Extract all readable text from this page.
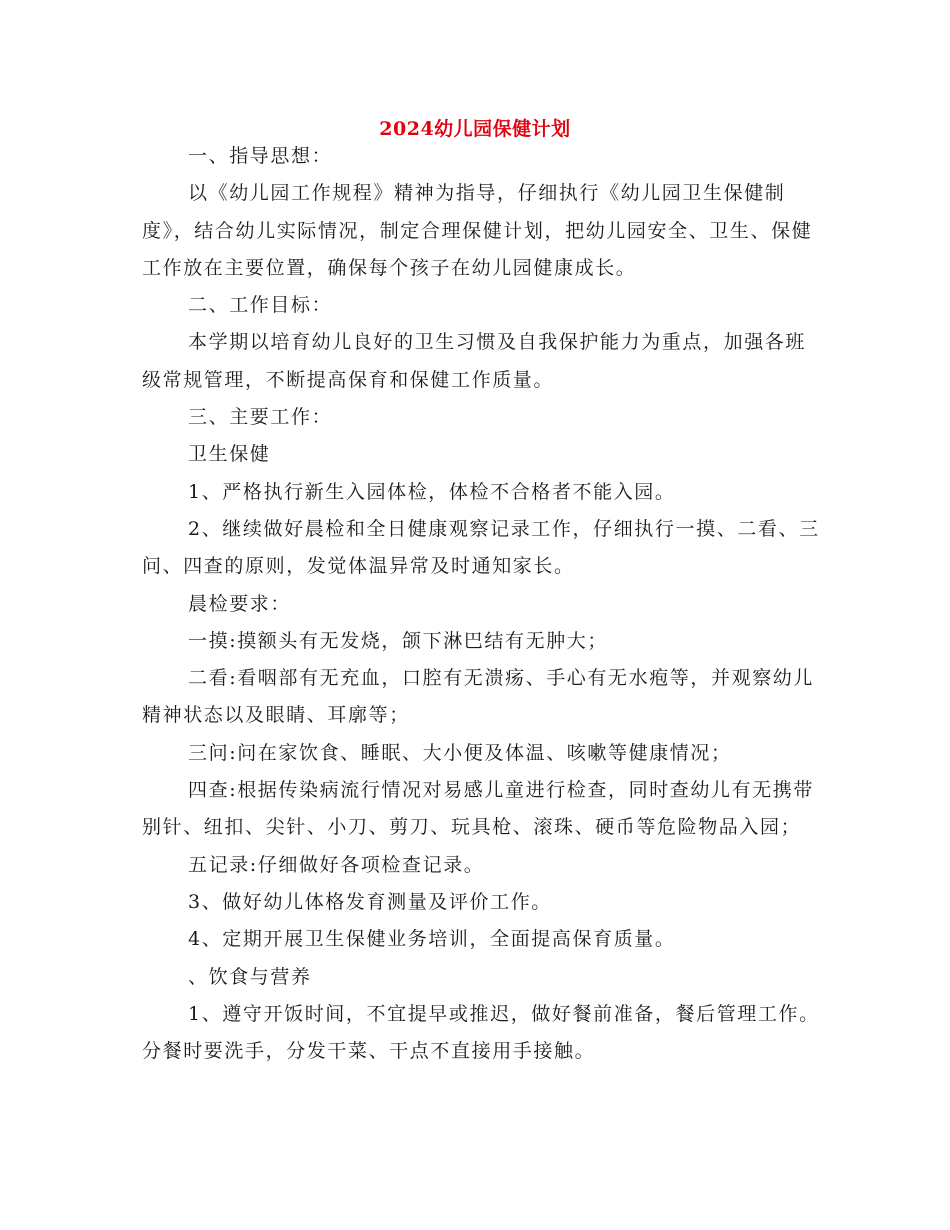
2024幼儿园保健计划

一、指导思想：

以《幼儿园工作规程》精神为指导，仔细执行《幼儿园卫生保健制度》，结合幼儿实际情况，制定合理保健计划，把幼儿园安全、卫生、保健工作放在主要位置，确保每个孩子在幼儿园健康成长。

二、工作目标：

本学期以培育幼儿良好的卫生习惯及自我保护能力为重点，加强各班级常规管理，不断提高保育和保健工作质量。

三、主要工作：

卫生保健

1、严格执行新生入园体检，体检不合格者不能入园。

2、继续做好晨检和全日健康观察记录工作，仔细执行一摸、二看、三问、四查的原则，发觉体温异常及时通知家长。

晨检要求：

一摸:摸额头有无发烧，颌下淋巴结有无肿大；

二看:看咽部有无充血，口腔有无溃疡、手心有无水疱等，并观察幼儿精神状态以及眼睛、耳廓等；

三问:问在家饮食、睡眠、大小便及体温、咳嗽等健康情况；

四查:根据传染病流行情况对易感儿童进行检查，同时查幼儿有无携带别针、纽扣、尖针、小刀、剪刀、玩具枪、滚珠、硬币等危险物品入园；

五记录:仔细做好各项检查记录。

3、做好幼儿体格发育测量及评价工作。

4、定期开展卫生保健业务培训，全面提高保育质量。

、饮食与营养

1、遵守开饭时间，不宜提早或推迟，做好餐前准备，餐后管理工作。分餐时要洗手，分发干菜、干点不直接用手接触。
